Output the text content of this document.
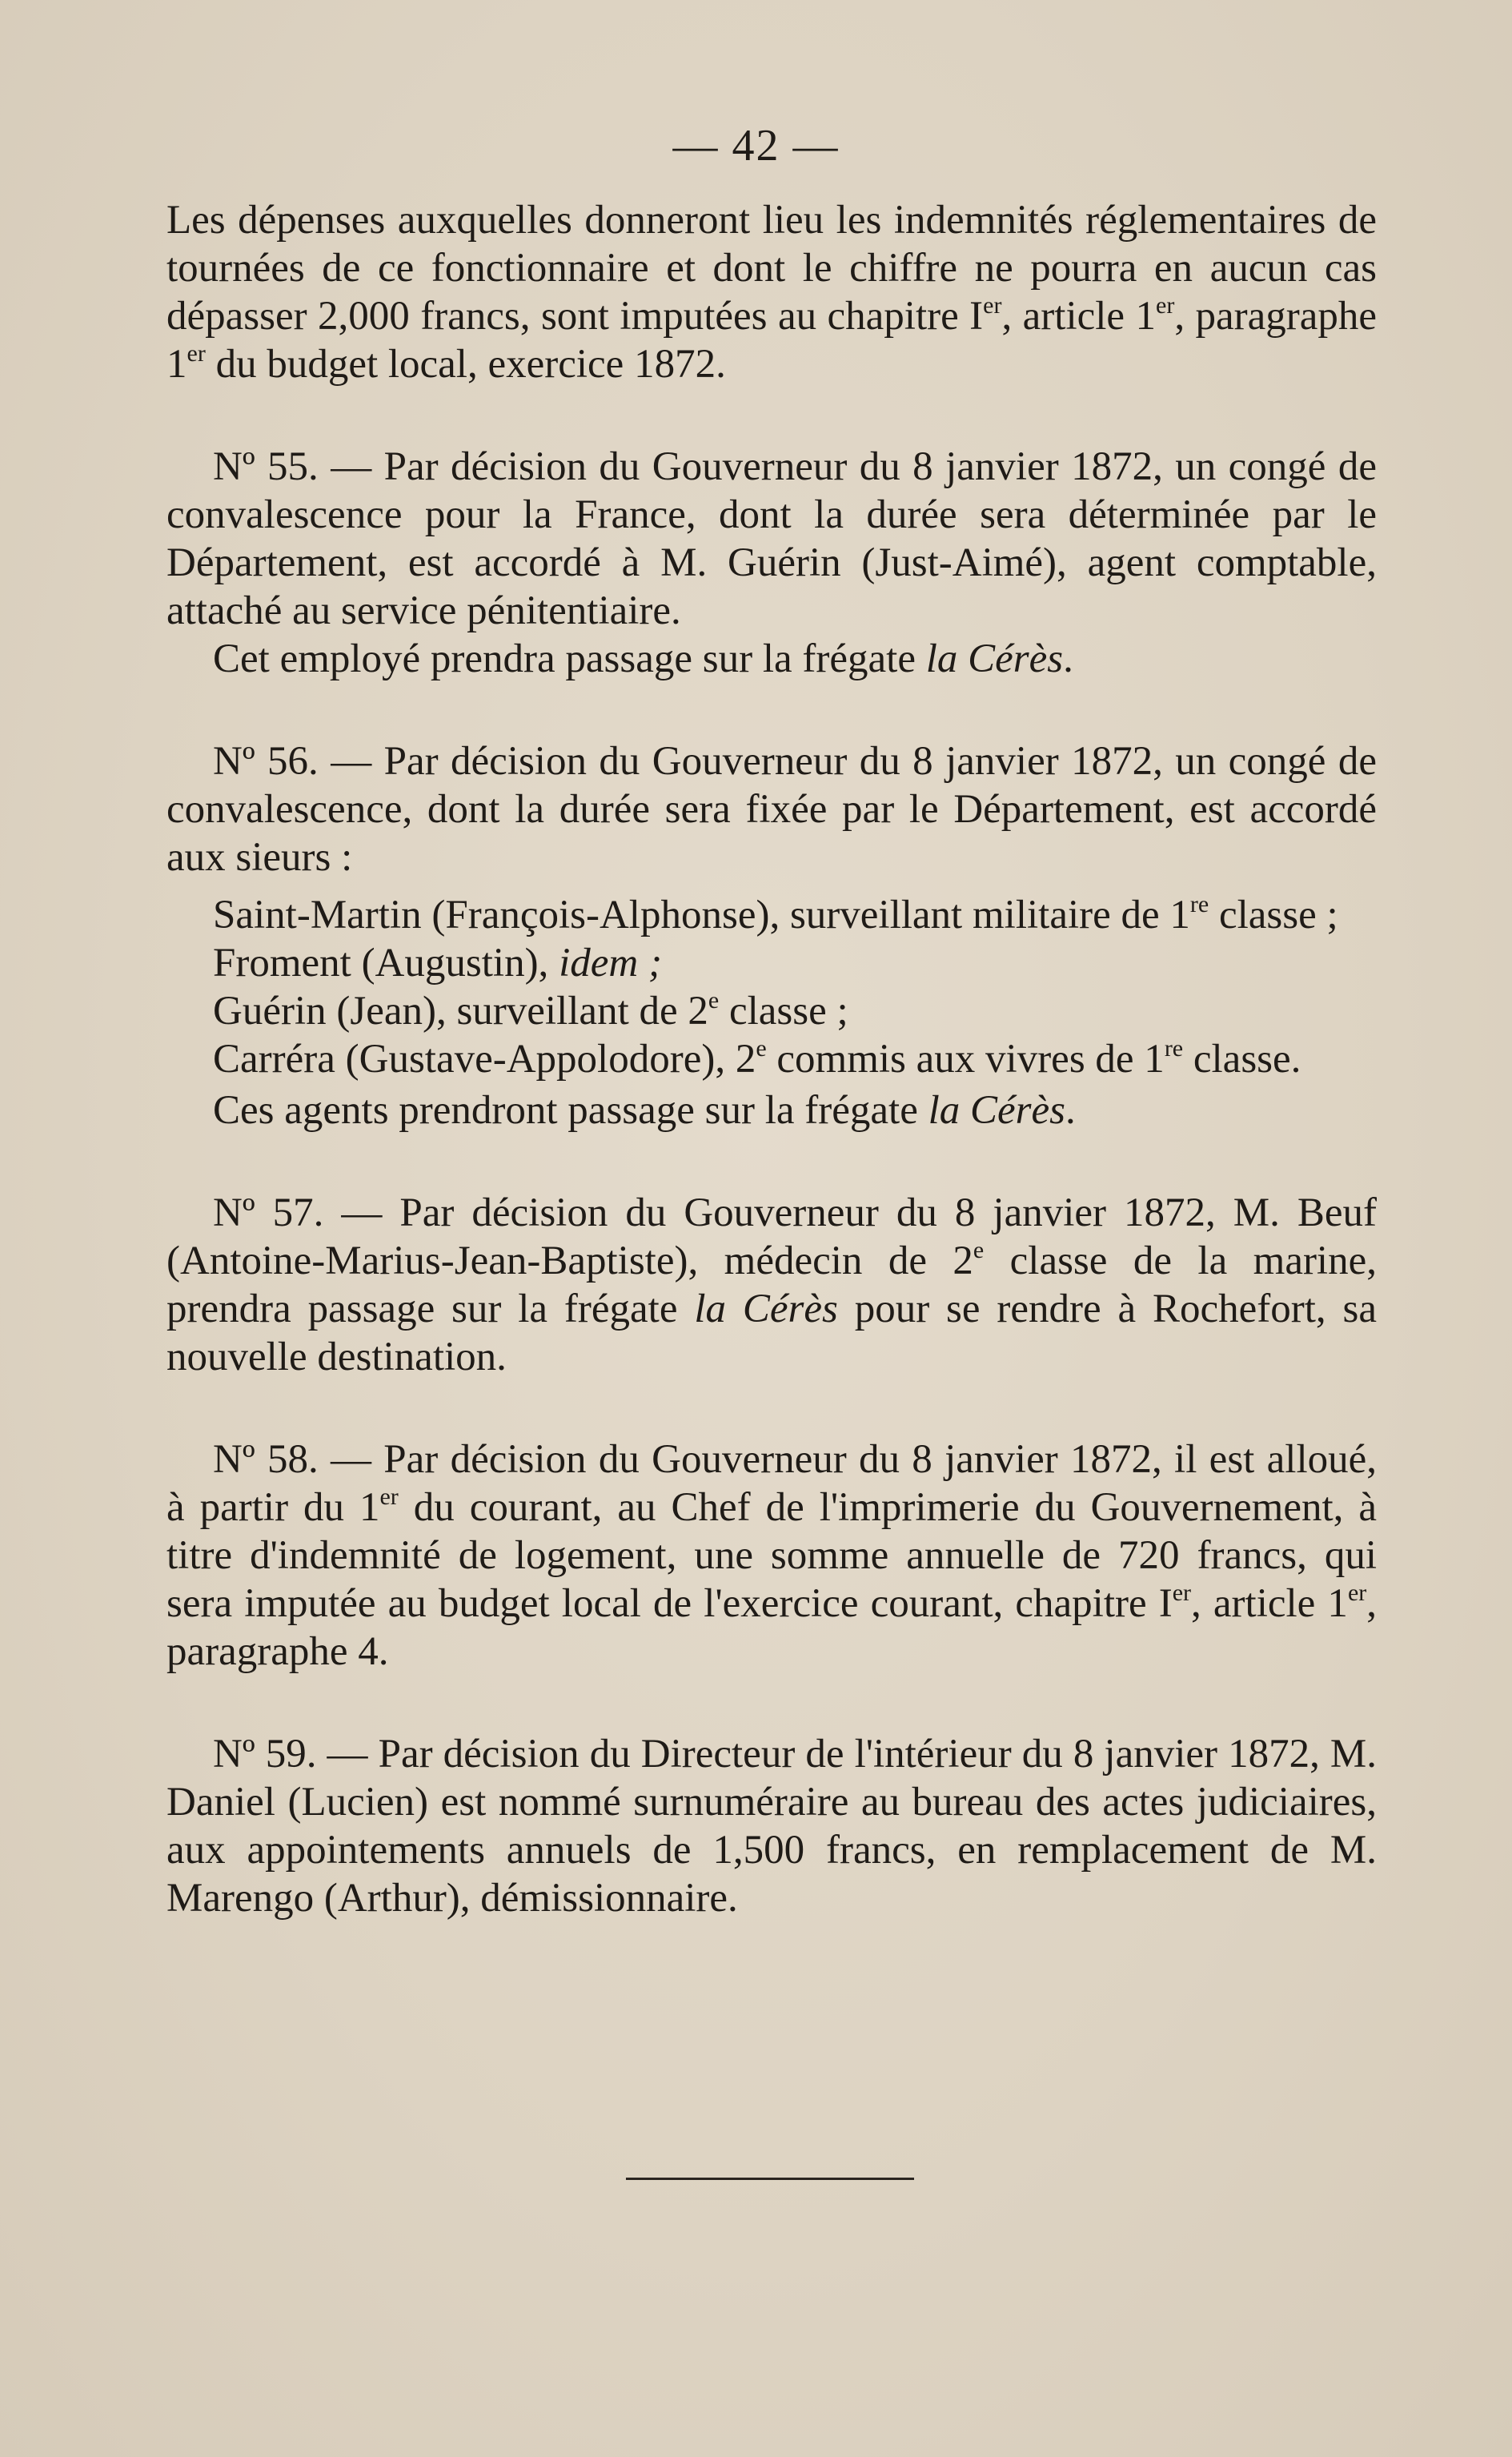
— 42 —

Les dépenses auxquelles donneront lieu les indemnités réglementaires de tournées de ce fonctionnaire et dont le chiffre ne pourra en aucun cas dépasser 2,000 francs, sont imputées au chapitre Ier, article 1er, paragraphe 1er du budget local, exercice 1872.

Nº 55. — Par décision du Gouverneur du 8 janvier 1872, un congé de convalescence pour la France, dont la durée sera déterminée par le Département, est accordé à M. Guérin (Just-Aimé), agent comptable, attaché au service pénitentiaire.

Cet employé prendra passage sur la frégate la Cérès.

Nº 56. — Par décision du Gouverneur du 8 janvier 1872, un congé de convalescence, dont la durée sera fixée par le Département, est accordé aux sieurs :

Saint-Martin (François-Alphonse), surveillant militaire de 1re classe ;

Froment (Augustin), idem ;

Guérin (Jean), surveillant de 2e classe ;

Carréra (Gustave-Appolodore), 2e commis aux vivres de 1re classe.

Ces agents prendront passage sur la frégate la Cérès.

Nº 57. — Par décision du Gouverneur du 8 janvier 1872, M. Beuf (Antoine-Marius-Jean-Baptiste), médecin de 2e classe de la marine, prendra passage sur la frégate la Cérès pour se rendre à Rochefort, sa nouvelle destination.

Nº 58. — Par décision du Gouverneur du 8 janvier 1872, il est alloué, à partir du 1er du courant, au Chef de l'imprimerie du Gouvernement, à titre d'indemnité de logement, une somme annuelle de 720 francs, qui sera imputée au budget local de l'exercice courant, chapitre Ier, article 1er, paragraphe 4.

Nº 59. — Par décision du Directeur de l'intérieur du 8 janvier 1872, M. Daniel (Lucien) est nommé surnuméraire au bureau des actes judiciaires, aux appointements annuels de 1,500 francs, en remplacement de M. Marengo (Arthur), démissionnaire.
